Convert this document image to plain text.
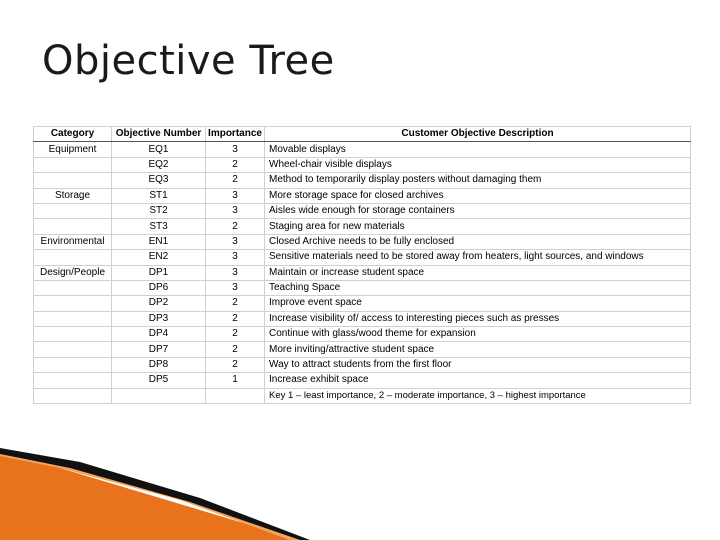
Objective Tree
Category	Objective Number	Importance	Customer Objective Description
Equipment	EQ1	3	Movable displays
	EQ2	2	Wheel-chair visible displays
	EQ3	2	Method to temporarily display posters without damaging them
Storage	ST1	3	More storage space for closed archives
	ST2	3	Aisles wide enough for storage containers
	ST3	2	Staging area for new materials
Environmental	EN1	3	Closed Archive needs to be fully enclosed
	EN2	3	Sensitive materials need to be stored away from heaters, light sources, and windows
Design/People	DP1	3	Maintain or increase student space
	DP6	3	Teaching Space
	DP2	2	Improve event space
	DP3	2	Increase visibility of/ access to interesting pieces such as presses
	DP4	2	Continue with glass/wood theme for expansion
	DP7	2	More inviting/attractive student space
	DP8	2	Way to attract students from the first floor
	DP5	1	Increase exhibit space
			Key 1 – least importance, 2 – moderate importance, 3 – highest importance
